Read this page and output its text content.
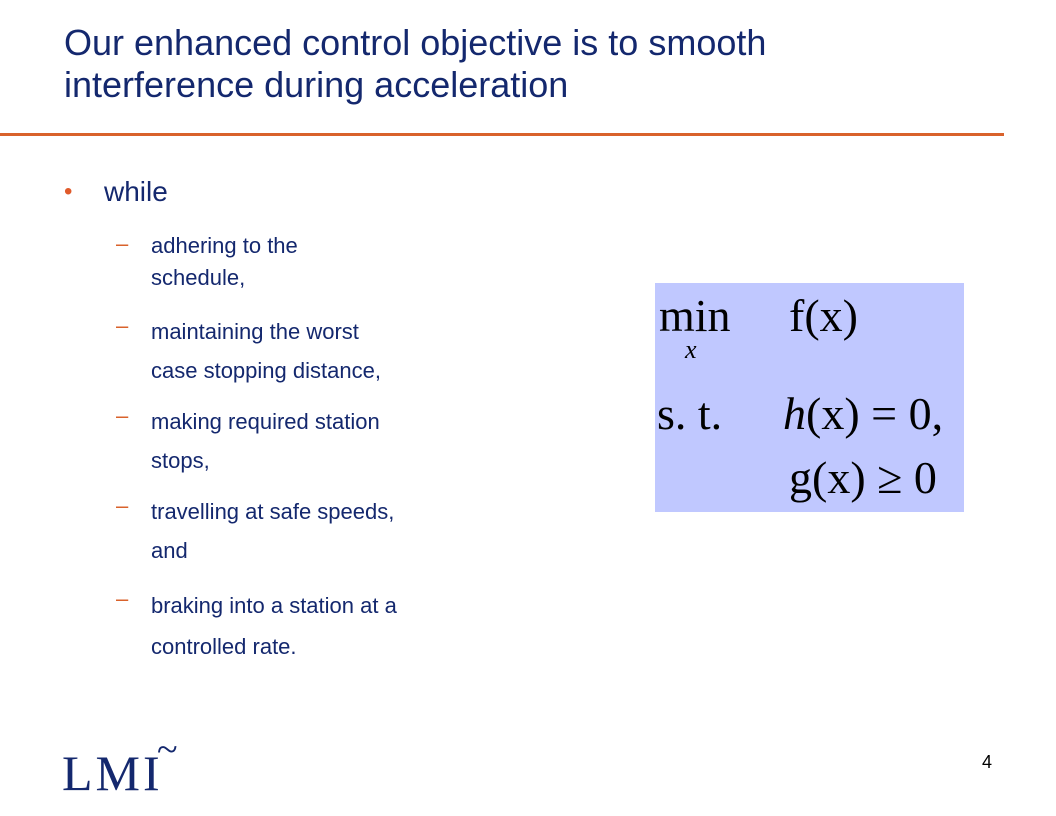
Our enhanced control objective is to smooth
interference during acceleration
• while
– adhering to the
schedule,
– maintaining the worst
case stopping distance,
– making required station
stops,
– travelling at safe speeds,
and
– braking into a station at a
controlled rate.
min
x
f(x)
s. t. h(x) = 0,
g(x) ≥ 0
LMI
~	4
